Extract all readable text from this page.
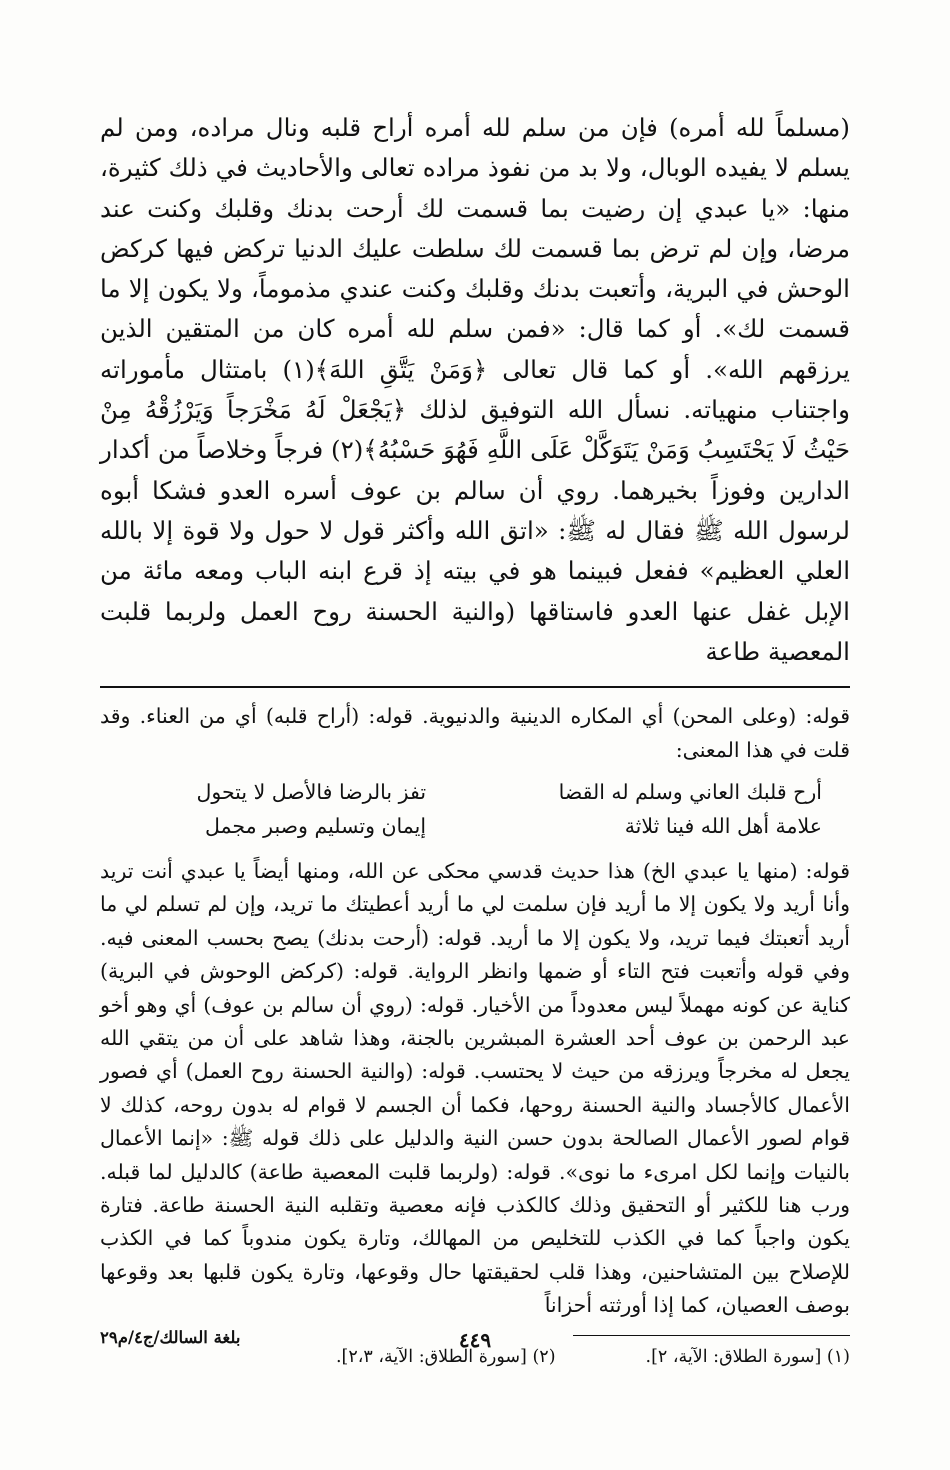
(مسلماً لله أمره) فإن من سلم لله أمره أراح قلبه ونال مراده، ومن لم يسلم لا يفيده الوبال، ولا بد من نفوذ مراده تعالى والأحاديث في ذلك كثيرة، منها: «يا عبدي إن رضيت بما قسمت لك أرحت بدنك وقلبك وكنت عند مرضا، وإن لم ترض بما قسمت لك سلطت عليك الدنيا تركض فيها كركض الوحش في البرية، وأتعبت بدنك وقلبك وكنت عندي مذموماً، ولا يكون إلا ما قسمت لك». أو كما قال: «فمن سلم لله أمره كان من المتقين الذين يرزقهم الله». أو كما قال تعالى ﴿وَمَنْ يَتَّقِ اللهَ﴾(١) بامتثال مأموراته واجتناب منهياته. نسأل الله التوفيق لذلك ﴿يَجْعَلْ لَهُ مَخْرَجاً وَيَرْزُقْهُ مِنْ حَيْثُ لَا يَحْتَسِبُ وَمَنْ يَتَوَكَّلْ عَلَى اللَّهِ فَهُوَ حَسْبُهُ﴾(٢) فرجاً وخلاصاً من أكدار الدارين وفوزاً بخيرهما. روي أن سالم بن عوف أسره العدو فشكا أبوه لرسول الله ﷺ فقال له ﷺ: «اتق الله وأكثر قول لا حول ولا قوة إلا بالله العلي العظيم» ففعل فبينما هو في بيته إذ قرع ابنه الباب ومعه مائة من الإبل غفل عنها العدو فاستاقها (والنية الحسنة روح العمل ولربما قلبت المعصية طاعة

قوله: (وعلى المحن) أي المكاره الدينية والدنيوية. قوله: (أراح قلبه) أي من العناء. وقد قلت في هذا المعنى:

أرح قلبك العاني وسلم له القضا	تفز بالرضا فالأصل لا يتحول
علامة أهل الله فينا ثلاثة	إيمان وتسليم وصبر مجمل

قوله: (منها يا عبدي الخ) هذا حديث قدسي محكى عن الله، ومنها أيضاً يا عبدي أنت تريد وأنا أريد ولا يكون إلا ما أريد فإن سلمت لي ما أريد أعطيتك ما تريد، وإن لم تسلم لي ما أريد أتعبتك فيما تريد، ولا يكون إلا ما أريد. قوله: (أرحت بدنك) يصح بحسب المعنى فيه. وفي قوله وأتعبت فتح التاء أو ضمها وانظر الرواية. قوله: (كركض الوحوش في البرية) كناية عن كونه مهملاً ليس معدوداً من الأخيار. قوله: (روي أن سالم بن عوف) أي وهو أخو عبد الرحمن بن عوف أحد العشرة المبشرين بالجنة، وهذا شاهد على أن من يتقي الله يجعل له مخرجاً ويرزقه من حيث لا يحتسب. قوله: (والنية الحسنة روح العمل) أي فصور الأعمال كالأجساد والنية الحسنة روحها، فكما أن الجسم لا قوام له بدون روحه، كذلك لا قوام لصور الأعمال الصالحة بدون حسن النية والدليل على ذلك قوله ﷺ: «إنما الأعمال بالنيات وإنما لكل امرىء ما نوى». قوله: (ولربما قلبت المعصية طاعة) كالدليل لما قبله. ورب هنا للكثير أو التحقيق وذلك كالكذب فإنه معصية وتقلبه النية الحسنة طاعة. فتارة يكون واجباً كما في الكذب للتخليص من المهالك، وتارة يكون مندوباً كما في الكذب للإصلاح بين المتشاحنين، وهذا قلب لحقيقتها حال وقوعها، وتارة يكون قلبها بعد وقوعها بوصف العصيان، كما إذا أورثته أحزاناً

(١) [سورة الطلاق: الآية، ٢].
(٢) [سورة الطلاق: الآية، ٢،٣].
٤٤٩
بلغة السالك/ج٤/م٢٩
